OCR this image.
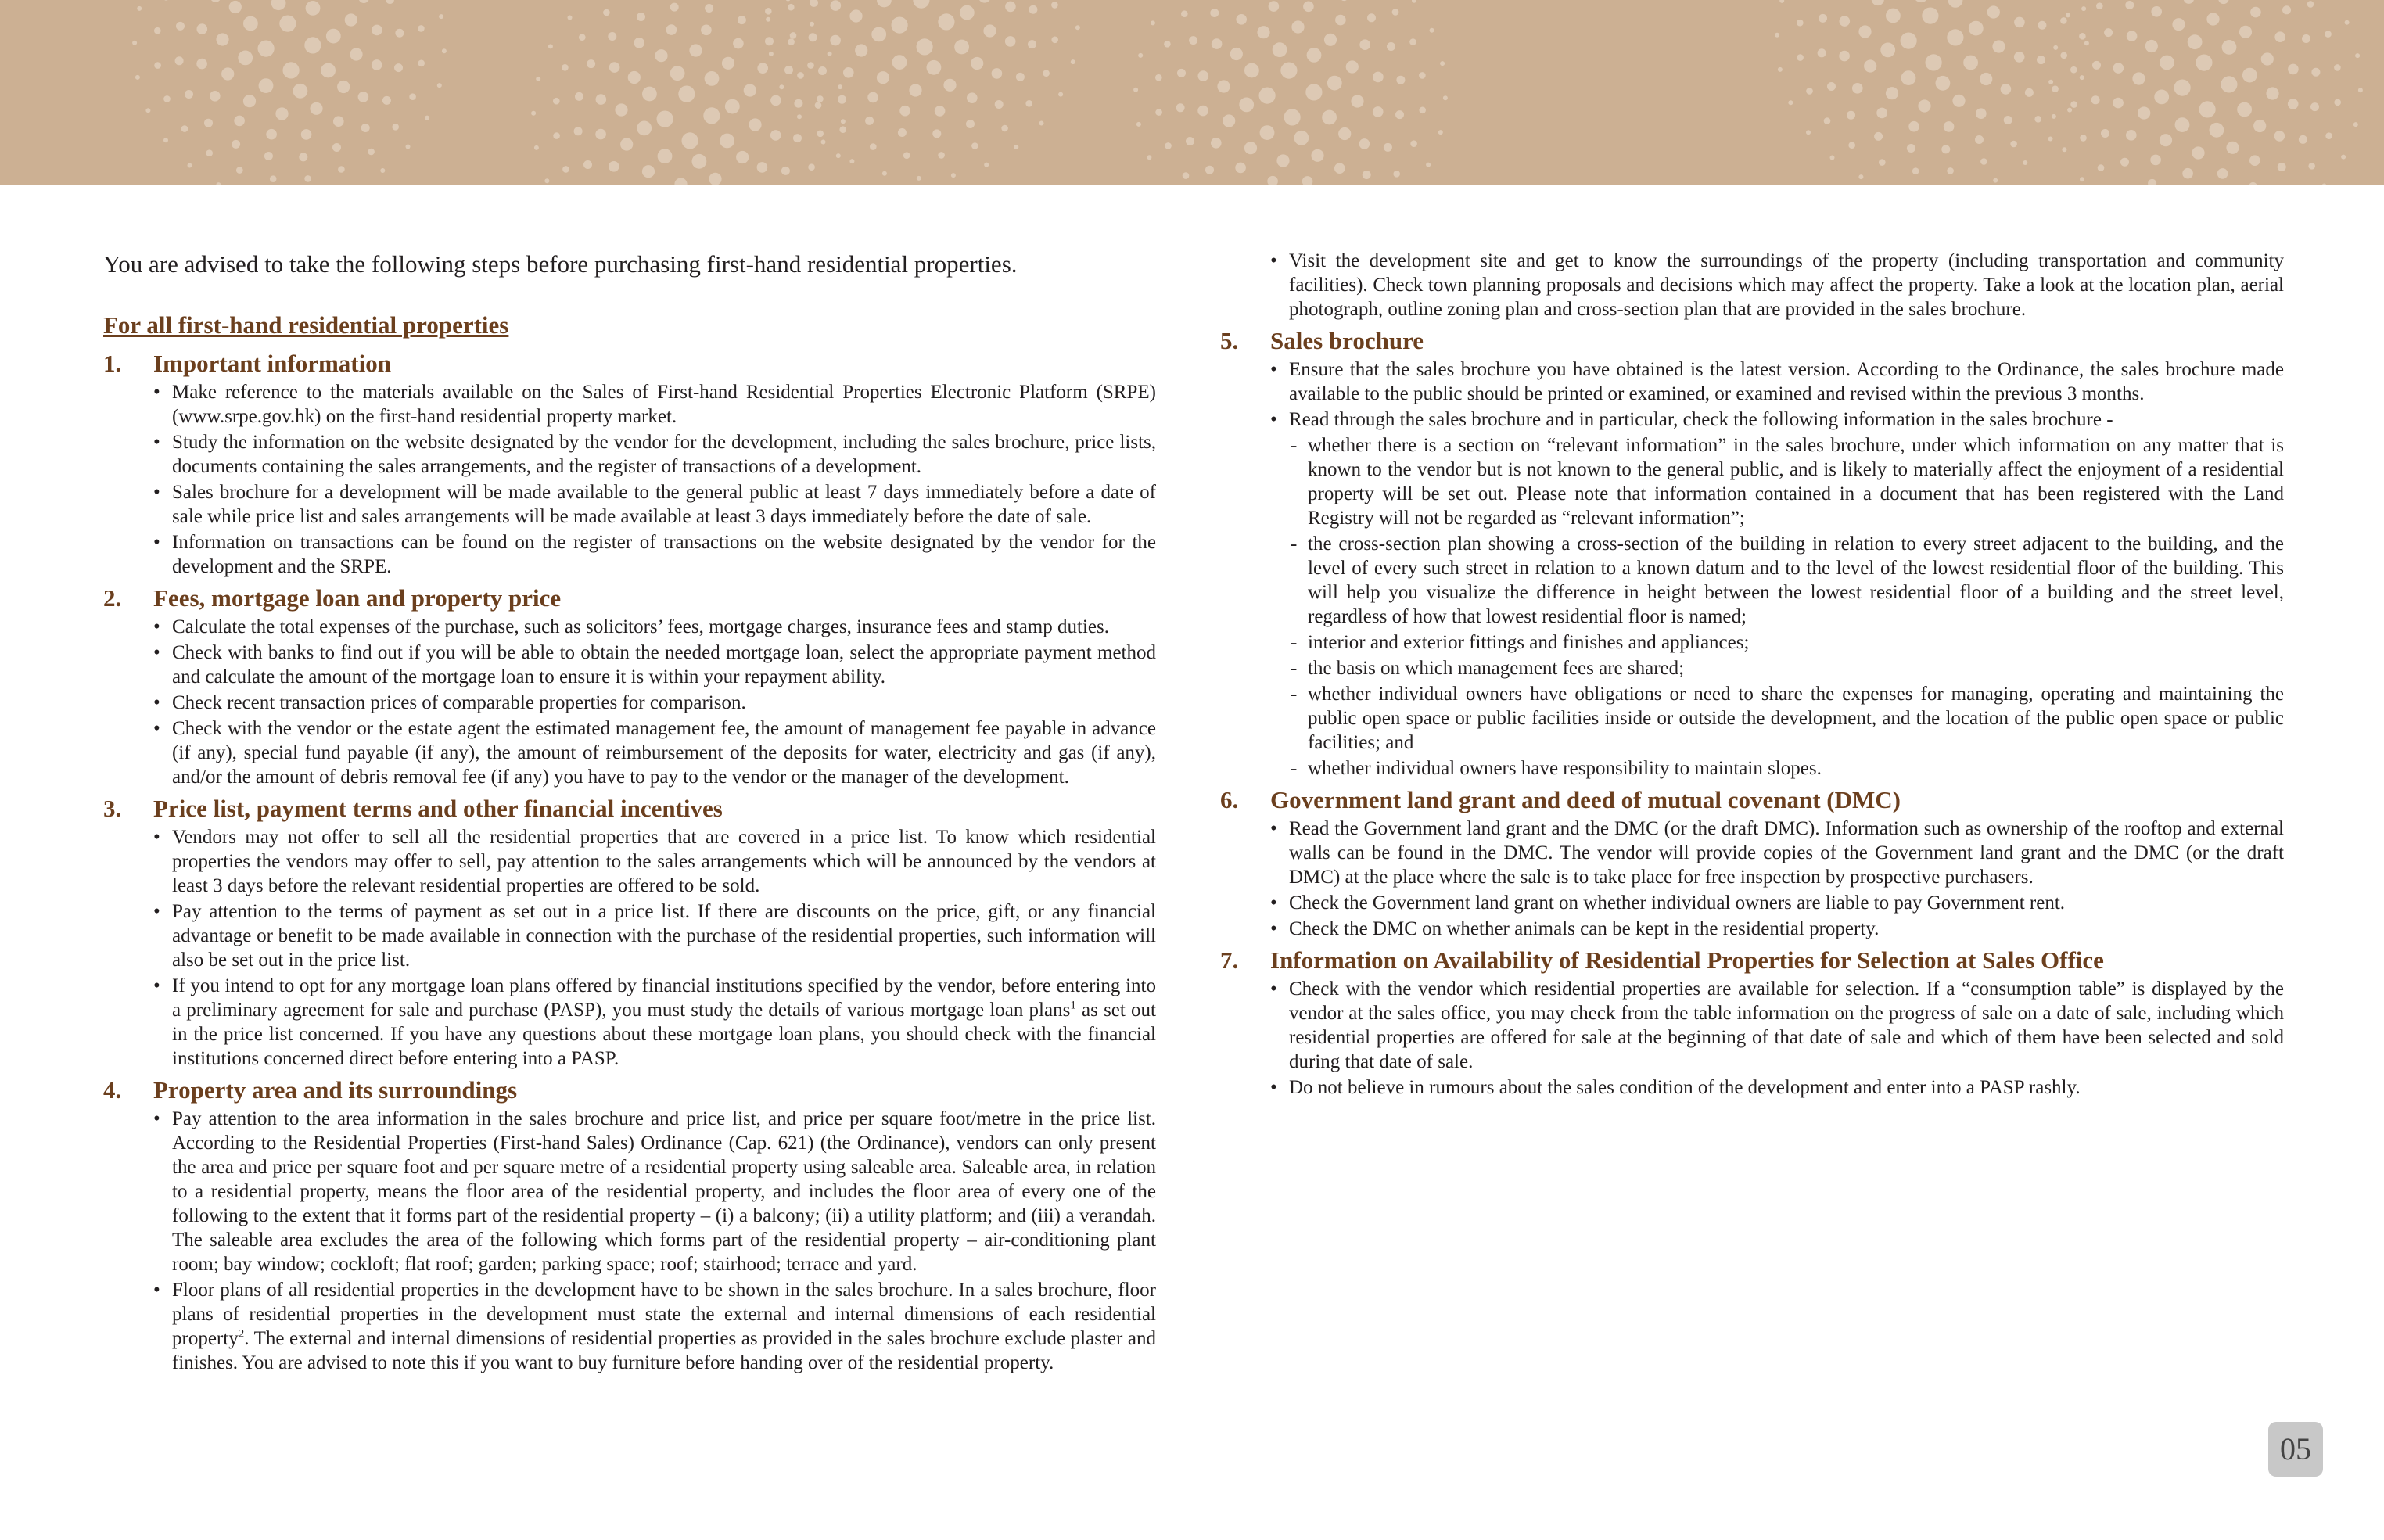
You are advised to take the following steps before purchasing first-hand residential properties.

For all first-hand residential properties
1. Important information
• Make reference to the materials available on the Sales of First-hand Residential Properties Electronic Platform (SRPE) (www.srpe.gov.hk) on the first-hand residential property market.
• Study the information on the website designated by the vendor for the development, including the sales brochure, price lists, documents containing the sales arrangements, and the register of transactions of a development.
• Sales brochure for a development will be made available to the general public at least 7 days immediately before a date of sale while price list and sales arrangements will be made available at least 3 days immediately before the date of sale.
• Information on transactions can be found on the register of transactions on the website designated by the vendor for the development and the SRPE.
2. Fees, mortgage loan and property price
• Calculate the total expenses of the purchase, such as solicitors’ fees, mortgage charges, insurance fees and stamp duties.
• Check with banks to find out if you will be able to obtain the needed mortgage loan, select the appropriate payment method and calculate the amount of the mortgage loan to ensure it is within your repayment ability.
• Check recent transaction prices of comparable properties for comparison.
• Check with the vendor or the estate agent the estimated management fee, the amount of management fee payable in advance (if any), special fund payable (if any), the amount of reimbursement of the deposits for water, electricity and gas (if any), and/or the amount of debris removal fee (if any) you have to pay to the vendor or the manager of the development.
3. Price list, payment terms and other financial incentives
• Vendors may not offer to sell all the residential properties that are covered in a price list. To know which residential properties the vendors may offer to sell, pay attention to the sales arrangements which will be announced by the vendors at least 3 days before the relevant residential properties are offered to be sold.
• Pay attention to the terms of payment as set out in a price list. If there are discounts on the price, gift, or any financial advantage or benefit to be made available in connection with the purchase of the residential properties, such information will also be set out in the price list.
• If you intend to opt for any mortgage loan plans offered by financial institutions specified by the vendor, before entering into a preliminary agreement for sale and purchase (PASP), you must study the details of various mortgage loan plans$^1$ as set out in the price list concerned. If you have any questions about these mortgage loan plans, you should check with the financial institutions concerned direct before entering into a PASP.
4. Property area and its surroundings
• Pay attention to the area information in the sales brochure and price list, and price per square foot/metre in the price list. According to the Residential Properties (First-hand Sales) Ordinance (Cap. 621) (the Ordinance), vendors can only present the area and price per square foot and per square metre of a residential property using saleable area. Saleable area, in relation to a residential property, means the floor area of the residential property, and includes the floor area of every one of the following to the extent that it forms part of the residential property – (i) a balcony; (ii) a utility platform; and (iii) a verandah. The saleable area excludes the area of the following which forms part of the residential property – air-conditioning plant room; bay window; cockloft; flat roof; garden; parking space; roof; stairhood; terrace and yard.
• Floor plans of all residential properties in the development have to be shown in the sales brochure. In a sales brochure, floor plans of residential properties in the development must state the external and internal dimensions of each residential property$^2$. The external and internal dimensions of residential properties as provided in the sales brochure exclude plaster and finishes. You are advised to note this if you want to buy furniture before handing over of the residential property.
• Visit the development site and get to know the surroundings of the property (including transportation and community facilities). Check town planning proposals and decisions which may affect the property. Take a look at the location plan, aerial photograph, outline zoning plan and cross-section plan that are provided in the sales brochure.
5. Sales brochure
• Ensure that the sales brochure you have obtained is the latest version. According to the Ordinance, the sales brochure made available to the public should be printed or examined, or examined and revised within the previous 3 months.
• Read through the sales brochure and in particular, check the following information in the sales brochure -
- whether there is a section on “relevant information” in the sales brochure, under which information on any matter that is known to the vendor but is not known to the general public, and is likely to materially affect the enjoyment of a residential property will be set out. Please note that information contained in a document that has been registered with the Land Registry will not be regarded as “relevant information”;
- the cross-section plan showing a cross-section of the building in relation to every street adjacent to the building, and the level of every such street in relation to a known datum and to the level of the lowest residential floor of the building. This will help you visualize the difference in height between the lowest residential floor of a building and the street level, regardless of how that lowest residential floor is named;
- interior and exterior fittings and finishes and appliances;
- the basis on which management fees are shared;
- whether individual owners have obligations or need to share the expenses for managing, operating and maintaining the public open space or public facilities inside or outside the development, and the location of the public open space or public facilities; and
- whether individual owners have responsibility to maintain slopes.
6. Government land grant and deed of mutual covenant (DMC)
• Read the Government land grant and the DMC (or the draft DMC). Information such as ownership of the rooftop and external walls can be found in the DMC. The vendor will provide copies of the Government land grant and the DMC (or the draft DMC) at the place where the sale is to take place for free inspection by prospective purchasers.
• Check the Government land grant on whether individual owners are liable to pay Government rent.
• Check the DMC on whether animals can be kept in the residential property.
7. Information on Availability of Residential Properties for Selection at Sales Office
• Check with the vendor which residential properties are available for selection. If a “consumption table” is displayed by the vendor at the sales office, you may check from the table information on the progress of sale on a date of sale, including which residential properties are offered for sale at the beginning of that date of sale and which of them have been selected and sold during that date of sale.
• Do not believe in rumours about the sales condition of the development and enter into a PASP rashly.
05
